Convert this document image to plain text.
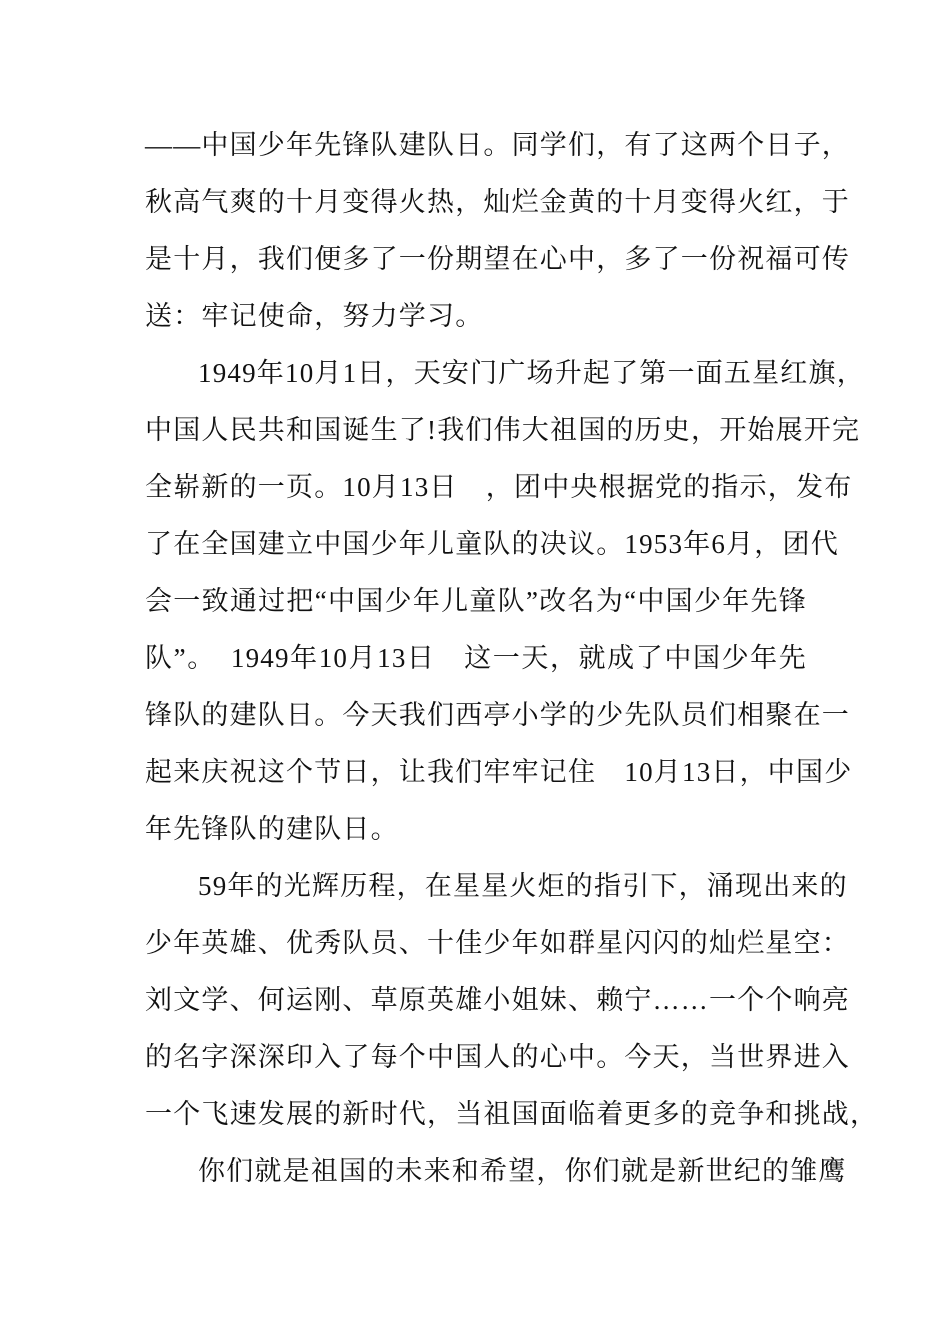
——中国少年先锋队建队日。同学们，有了这两个日子，
秋高气爽的十月变得火热，灿烂金黄的十月变得火红，于
是十月，我们便多了一份期望在心中，多了一份祝福可传
送：牢记使命，努力学习。
1949年10月1日，天安门广场升起了第一面五星红旗，
中国人民共和国诞生了!我们伟大祖国的历史，开始展开完
全崭新的一页。10月13日　，团中央根据党的指示，发布
了在全国建立中国少年儿童队的决议。1953年6月，团代
会一致通过把“中国少年儿童队”改名为“中国少年先锋
队”。　1949年10月13日　这一天，就成了中国少年先
锋队的建队日。今天我们西亭小学的少先队员们相聚在一
起来庆祝这个节日，让我们牢牢记住　10月13日，中国少
年先锋队的建队日。
59年的光辉历程，在星星火炬的指引下，涌现出来的
少年英雄、优秀队员、十佳少年如群星闪闪的灿烂星空：
刘文学、何运刚、草原英雄小姐妹、赖宁……一个个响亮
的名字深深印入了每个中国人的心中。今天，当世界进入
一个飞速发展的新时代，当祖国面临着更多的竞争和挑战，
你们就是祖国的未来和希望，你们就是新世纪的雏鹰
